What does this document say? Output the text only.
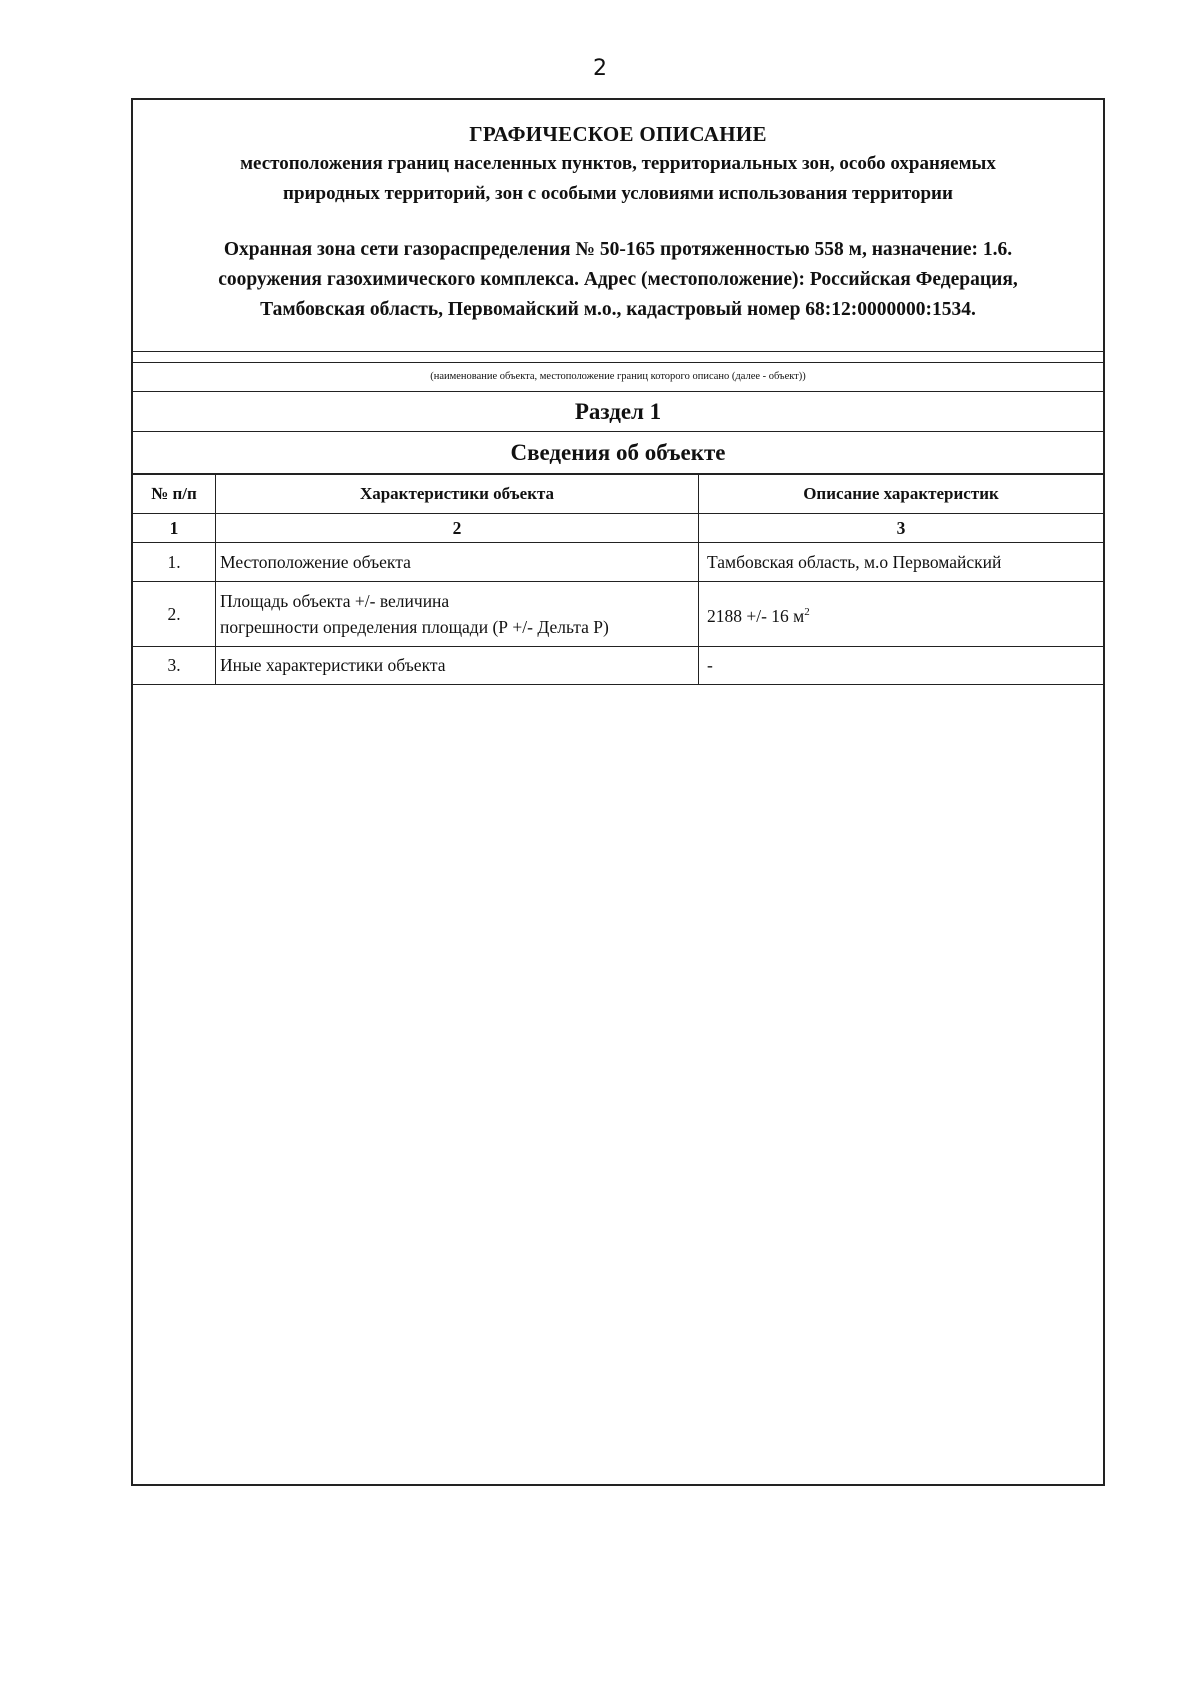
2
ГРАФИЧЕСКОЕ ОПИСАНИЕ
местоположения границ населенных пунктов, территориальных зон, особо охраняемых
природных территорий, зон с особыми условиями использования территории
Охранная зона сети газораспределения № 50-165 протяженностью 558 м, назначение: 1.6.
сооружения газохимического комплекса. Адрес (местоположение): Российская Федерация,
Тамбовская область, Первомайский м.о., кадастровый номер 68:12:0000000:1534.
(наименование объекта, местоположение границ которого описано (далее - объект))
Раздел 1
Сведения об объекте
№ п/п	Характеристики объекта	Описание характеристик
1	2	3
1.	Местоположение объекта	Тамбовская область, м.о Первомайский
2.	Площадь объекта +/- величина
погрешности определения площади (Р +/- Дельта Р)	2188 +/- 16 $м^2$
3.	Иные характеристики объекта	-
